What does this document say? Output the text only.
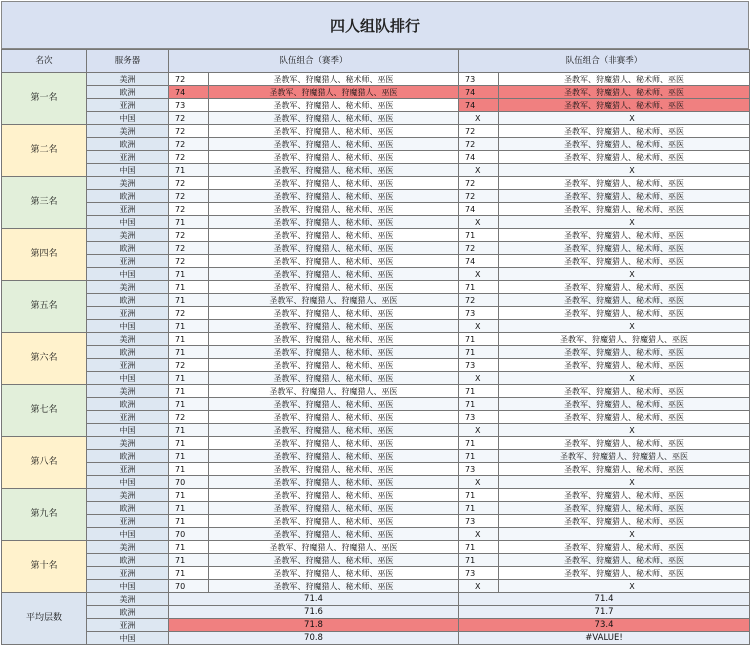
四人组队排行
名次	服务器	队伍组合（赛季）		队伍组合（非赛季）	
第一名	美洲	72	圣教军、狩魔猎人、秘术师、巫医	73	圣教军、狩魔猎人、秘术师、巫医
	欧洲	74	圣教军、狩魔猎人、狩魔猎人、巫医	74	圣教军、狩魔猎人、秘术师、巫医
	亚洲	73	圣教军、狩魔猎人、秘术师、巫医	74	圣教军、狩魔猎人、秘术师、巫医
	中国	72	圣教军、狩魔猎人、秘术师、巫医	X	X
第二名	美洲	72	圣教军、狩魔猎人、秘术师、巫医	72	圣教军、狩魔猎人、秘术师、巫医
	欧洲	72	圣教军、狩魔猎人、秘术师、巫医	72	圣教军、狩魔猎人、秘术师、巫医
	亚洲	72	圣教军、狩魔猎人、秘术师、巫医	74	圣教军、狩魔猎人、秘术师、巫医
	中国	71	圣教军、狩魔猎人、秘术师、巫医	X	X
第三名	美洲	72	圣教军、狩魔猎人、秘术师、巫医	72	圣教军、狩魔猎人、秘术师、巫医
	欧洲	72	圣教军、狩魔猎人、秘术师、巫医	72	圣教军、狩魔猎人、秘术师、巫医
	亚洲	72	圣教军、狩魔猎人、秘术师、巫医	74	圣教军、狩魔猎人、秘术师、巫医
	中国	71	圣教军、狩魔猎人、秘术师、巫医	X	X
第四名	美洲	72	圣教军、狩魔猎人、秘术师、巫医	71	圣教军、狩魔猎人、秘术师、巫医
	欧洲	72	圣教军、狩魔猎人、秘术师、巫医	72	圣教军、狩魔猎人、秘术师、巫医
	亚洲	72	圣教军、狩魔猎人、秘术师、巫医	74	圣教军、狩魔猎人、秘术师、巫医
	中国	71	圣教军、狩魔猎人、秘术师、巫医	X	X
第五名	美洲	71	圣教军、狩魔猎人、秘术师、巫医	71	圣教军、狩魔猎人、秘术师、巫医
	欧洲	71	圣教军、狩魔猎人、狩魔猎人、巫医	72	圣教军、狩魔猎人、秘术师、巫医
	亚洲	72	圣教军、狩魔猎人、秘术师、巫医	73	圣教军、狩魔猎人、秘术师、巫医
	中国	71	圣教军、狩魔猎人、秘术师、巫医	X	X
第六名	美洲	71	圣教军、狩魔猎人、秘术师、巫医	71	圣教军、狩魔猎人、狩魔猎人、巫医
	欧洲	71	圣教军、狩魔猎人、秘术师、巫医	71	圣教军、狩魔猎人、秘术师、巫医
	亚洲	72	圣教军、狩魔猎人、秘术师、巫医	73	圣教军、狩魔猎人、秘术师、巫医
	中国	71	圣教军、狩魔猎人、秘术师、巫医	X	X
第七名	美洲	71	圣教军、狩魔猎人、狩魔猎人、巫医	71	圣教军、狩魔猎人、秘术师、巫医
	欧洲	71	圣教军、狩魔猎人、秘术师、巫医	71	圣教军、狩魔猎人、秘术师、巫医
	亚洲	72	圣教军、狩魔猎人、秘术师、巫医	73	圣教军、狩魔猎人、秘术师、巫医
	中国	71	圣教军、狩魔猎人、秘术师、巫医	X	X
第八名	美洲	71	圣教军、狩魔猎人、秘术师、巫医	71	圣教军、狩魔猎人、秘术师、巫医
	欧洲	71	圣教军、狩魔猎人、秘术师、巫医	71	圣教军、狩魔猎人、狩魔猎人、巫医
	亚洲	71	圣教军、狩魔猎人、秘术师、巫医	73	圣教军、狩魔猎人、秘术师、巫医
	中国	70	圣教军、狩魔猎人、秘术师、巫医	X	X
第九名	美洲	71	圣教军、狩魔猎人、秘术师、巫医	71	圣教军、狩魔猎人、秘术师、巫医
	欧洲	71	圣教军、狩魔猎人、秘术师、巫医	71	圣教军、狩魔猎人、秘术师、巫医
	亚洲	71	圣教军、狩魔猎人、秘术师、巫医	73	圣教军、狩魔猎人、秘术师、巫医
	中国	70	圣教军、狩魔猎人、秘术师、巫医	X	X
第十名	美洲	71	圣教军、狩魔猎人、狩魔猎人、巫医	71	圣教军、狩魔猎人、秘术师、巫医
	欧洲	71	圣教军、狩魔猎人、秘术师、巫医	71	圣教军、狩魔猎人、秘术师、巫医
	亚洲	71	圣教军、狩魔猎人、秘术师、巫医	73	圣教军、狩魔猎人、秘术师、巫医
	中国	70	圣教军、狩魔猎人、秘术师、巫医	X	X
平均层数	美洲	71.4		71.4	
	欧洲	71.6		71.7	
	亚洲	71.8		73.4	
	中国	70.8		#VALUE!	
